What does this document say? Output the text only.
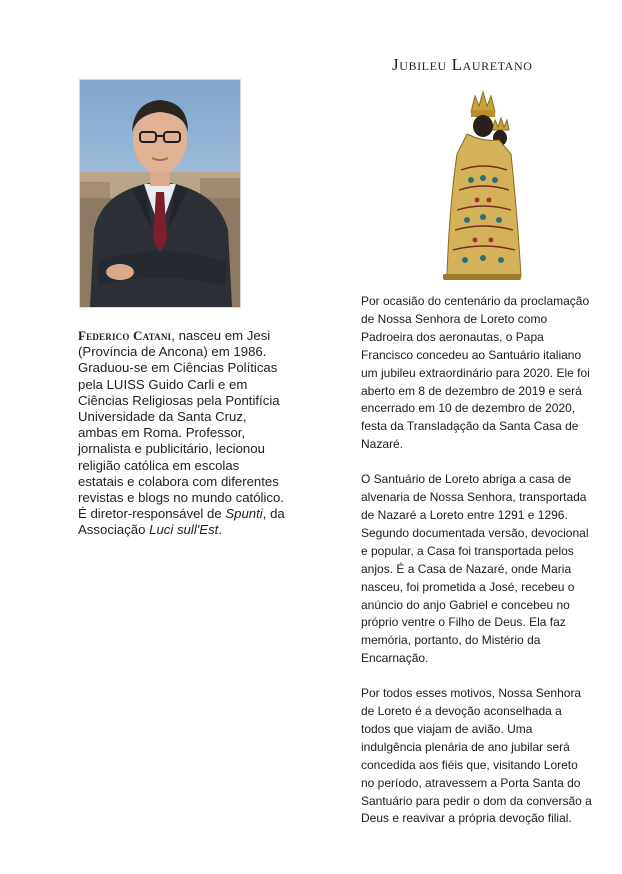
Federico Catani, nasceu em Jesi (Província de Ancona) em 1986. Graduou-se em Ciências Políticas pela LUISS Guido Carli e em Ciências Religiosas pela Pontifícia Universidade da Santa Cruz, ambas em Roma. Professor, jornalista e publicitário, lecionou religião católica em escolas estatais e colabora com diferentes revistas e blogs no mundo católico. É diretor-responsável de Spunti, da Associação Luci sull'Est.

Jubileu Lauretano

Por ocasião do centenário da proclamação de Nossa Senhora de Loreto como Padroeira dos aeronautas, o Papa Francisco concedeu ao Santuário italiano um jubileu extraordinário para 2020. Ele foi aberto em 8 de dezembro de 2019 e será encerrado em 10 de dezembro de 2020, festa da Translada̧ção da Santa Casa de Nazaré.

O Santuário de Loreto abriga a casa de alvenaria de Nossa Senhora, transportada de Nazaré a Loreto entre 1291 e 1296. Segundo documentada versão, devocional e popular, a Casa foi transportada pelos anjos. É a Casa de Nazaré, onde Maria nasceu, foi prometida a José, recebeu o anúncio do anjo Gabriel e concebeu no próprio ventre o Filho de Deus. Ela faz memória, portanto, do Mistério da Encarnação.

Por todos esses motivos, Nossa Senhora de Loreto é a devoção aconselhada a todos que viajam de avião. Uma indulgência plenária de ano jubilar será concedida aos fiéis que, visitando Loreto no período, atravessem a Porta Santa do Santuário para pedir o dom da conversão a Deus e reavivar a própria devoção filial.
